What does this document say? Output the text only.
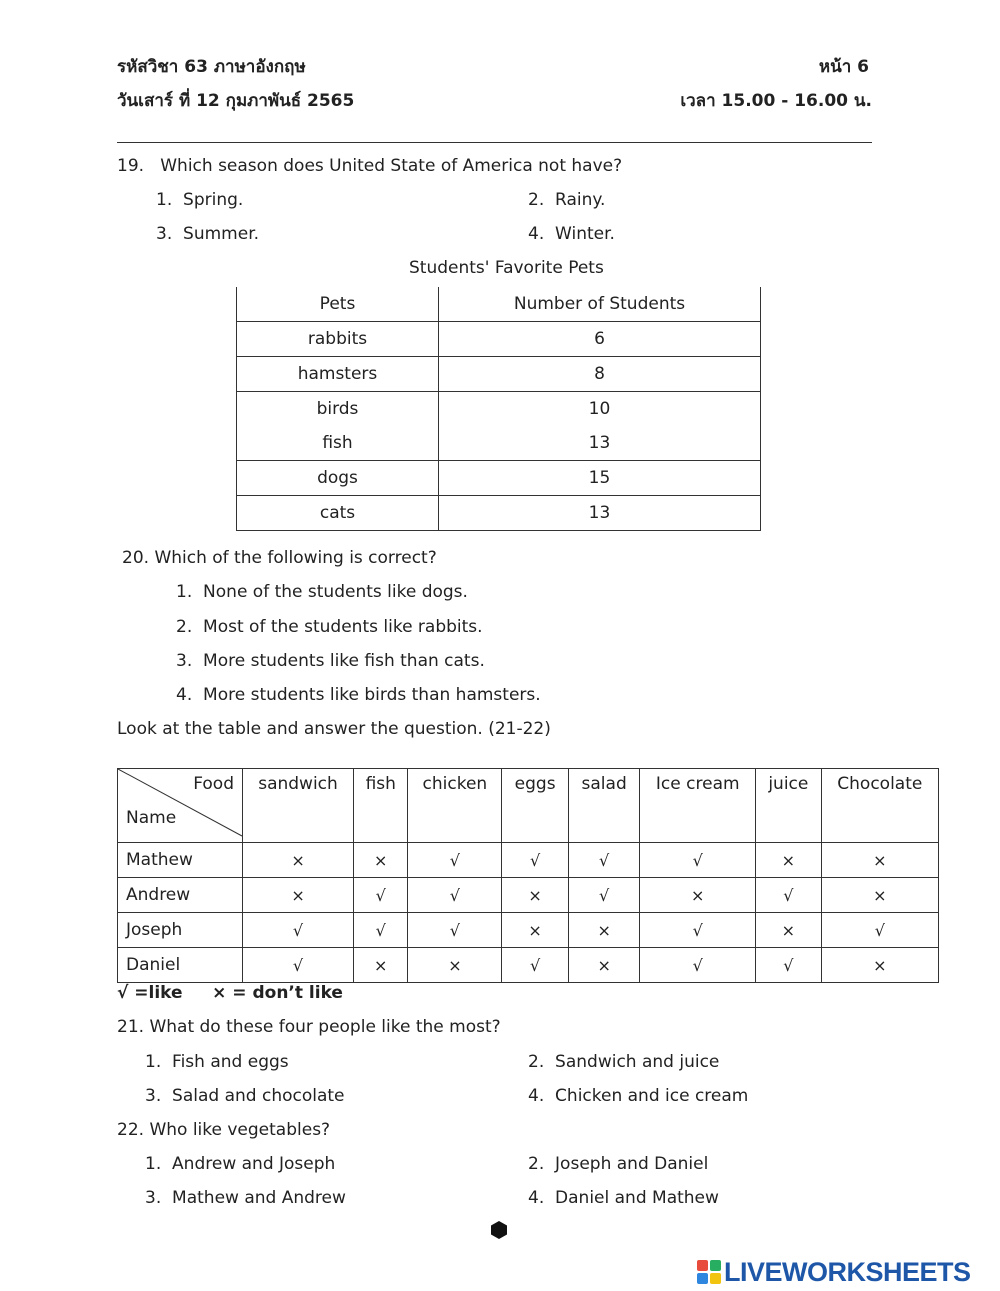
รหัสวิชา 63 ภาษาอังกฤษ	หน้า 6
วันเสาร์ ที่ 12 กุมภาพันธ์ 2565	เวลา 15.00 - 16.00 น.
19.   Which season does United State of America not have?
1. Spring.	2. Rainy.
3. Summer.	4. Winter.
Students' Favorite Pets
Pets	Number of Students
rabbits	6
hamsters	8
birds	10
fish	13
dogs	15
cats	13
20. Which of the following is correct?
1. None of the students like dogs.
2. Most of the students like rabbits.
3. More students like fish than cats.
4. More students like birds than hamsters.
Look at the table and answer the question. (21-22)
Food
Name	sandwich	fish	chicken	eggs	salad	Ice cream	juice	Chocolate
Mathew	×	×	√	√	√	√	×	×
Andrew	×	√	√	×	√	×	√	×
Joseph	√	√	√	×	×	√	×	√
Daniel	√	×	×	√	×	√	√	×
√ =like × = don’t like
21. What do these four people like the most?
1. Fish and eggs	2. Sandwich and juice
3. Salad and chocolate	4. Chicken and ice cream
22. Who like vegetables?
1. Andrew and Joseph	2. Joseph and Daniel
3. Mathew and Andrew	4. Daniel and Mathew
LIVEWORKSHEETS
